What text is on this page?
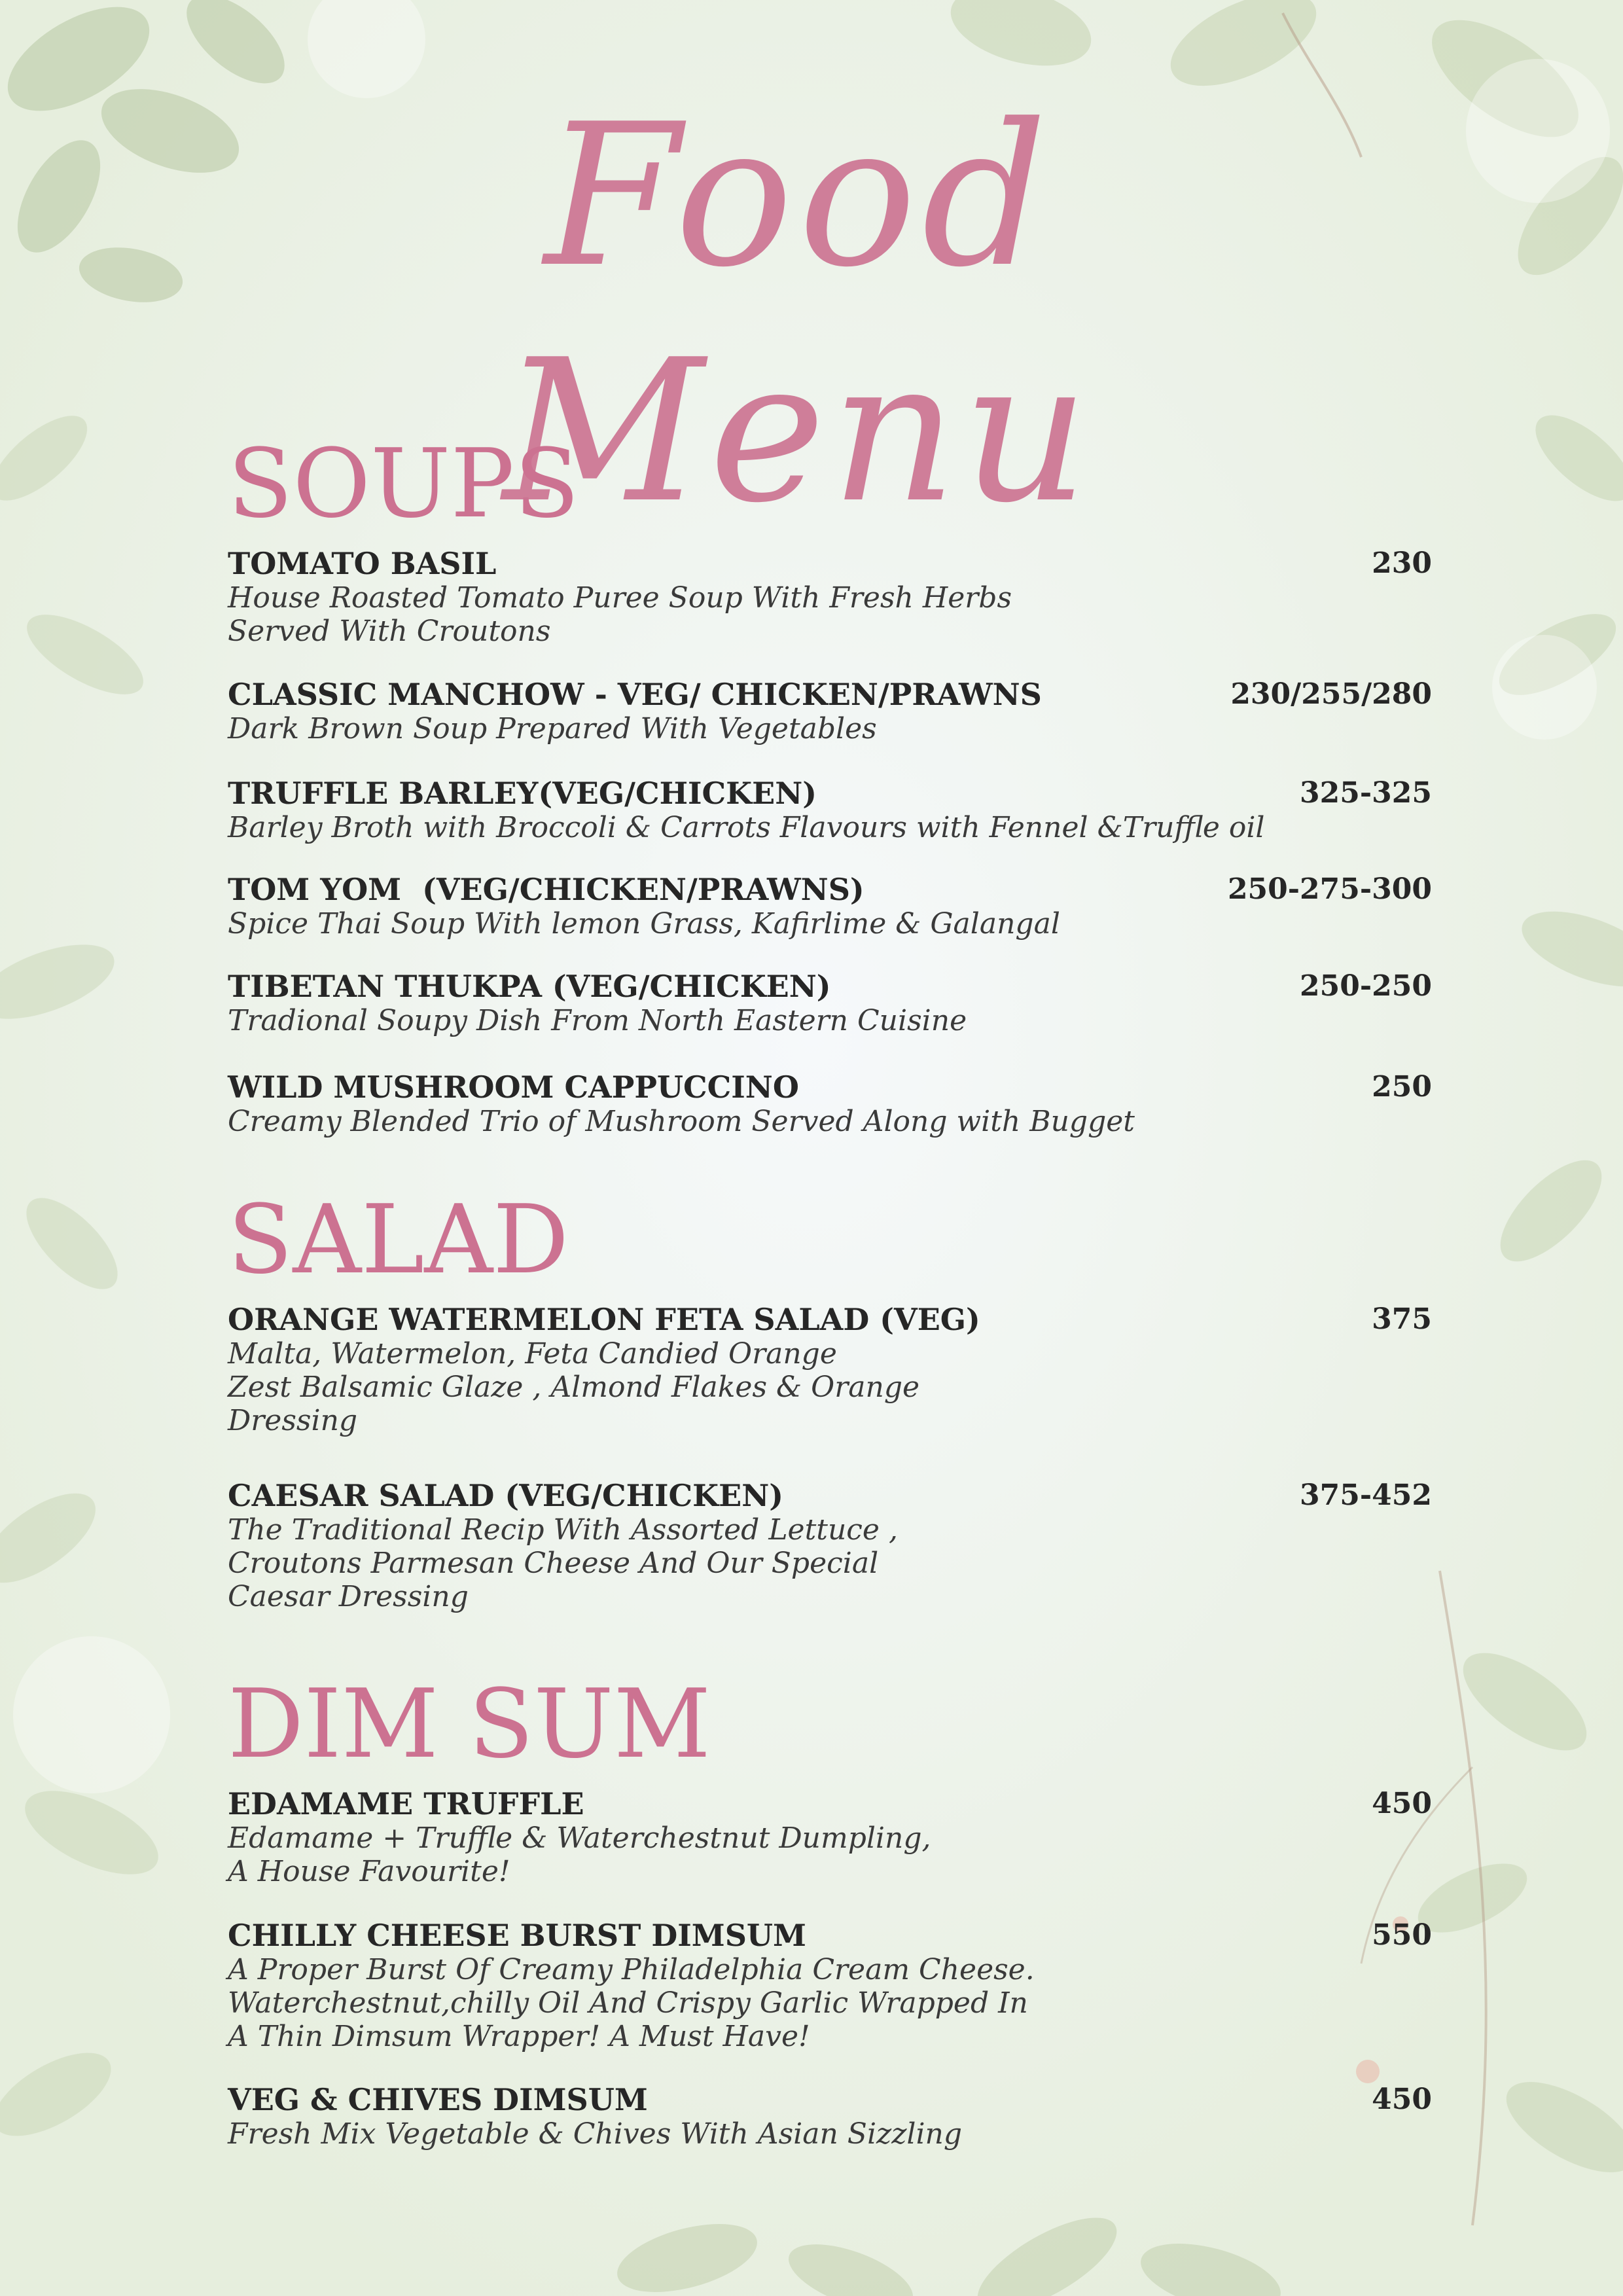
Food Menu
SOUPS
TOMATO BASIL
House Roasted Tomato Puree Soup With Fresh Herbs
Served With Croutons
230
CLASSIC MANCHOW - VEG/ CHICKEN/PRAWNS
Dark Brown Soup Prepared With Vegetables
230/255/280
TRUFFLE BARLEY(VEG/CHICKEN)
Barley Broth with Broccoli & Carrots Flavours with Fennel &Truffle oil
325-325
TOM YOM  (VEG/CHICKEN/PRAWNS)
Spice Thai Soup With lemon Grass, Kafirlime & Galangal
250-275-300
TIBETAN THUKPA (VEG/CHICKEN)
Tradional Soupy Dish From North Eastern Cuisine
250-250
WILD MUSHROOM CAPPUCCINO
Creamy Blended Trio of Mushroom Served Along with Bugget
250
SALAD
ORANGE WATERMELON FETA SALAD (VEG)
Malta, Watermelon, Feta Candied Orange
Zest Balsamic Glaze , Almond Flakes & Orange
Dressing
375
CAESAR SALAD (VEG/CHICKEN)
The Traditional Recip With Assorted Lettuce ,
Croutons Parmesan Cheese And Our Special
Caesar Dressing
375-452
DIM SUM
EDAMAME TRUFFLE
Edamame + Truffle & Waterchestnut Dumpling,
A House Favourite!
450
CHILLY CHEESE BURST DIMSUM
A Proper Burst Of Creamy Philadelphia Cream Cheese.
Waterchestnut,chilly Oil And Crispy Garlic Wrapped In
A Thin Dimsum Wrapper! A Must Have!
550
VEG & CHIVES DIMSUM
Fresh Mix Vegetable & Chives With Asian Sizzling
450
